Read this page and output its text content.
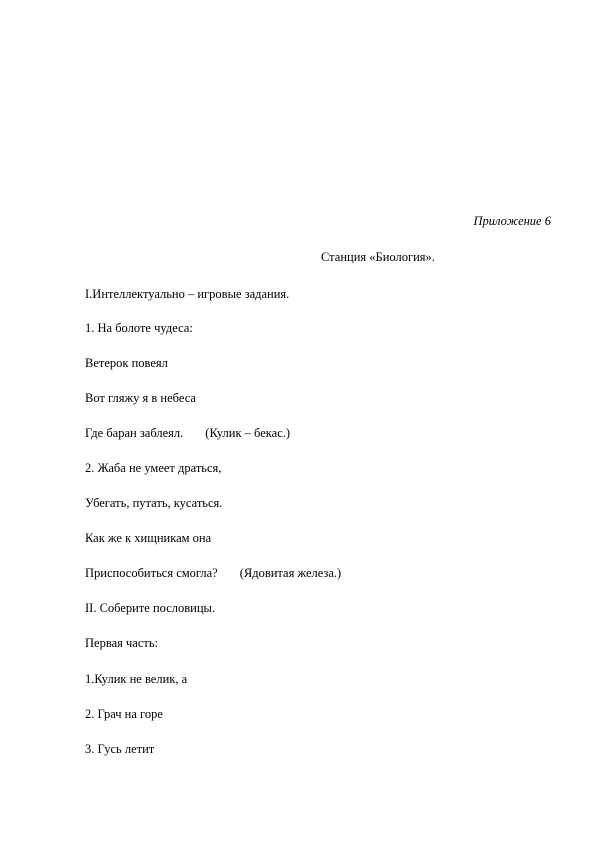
Приложение 6
Станция «Биология».
I.Интеллектуально – игровые задания.
1. На болоте чудеса:
Ветерок повеял
Вот гляжу я в небеса
Где баран заблеял. (Кулик – бекас.)
2. Жаба не умеет драться,
Убегать, путать, кусаться.
Как же к хищникам она
Приспособиться смогла? (Ядовитая железа.)
II. Соберите пословицы.
Первая часть:
1.Кулик не велик, а
2. Грач на горе
3. Гусь летит
